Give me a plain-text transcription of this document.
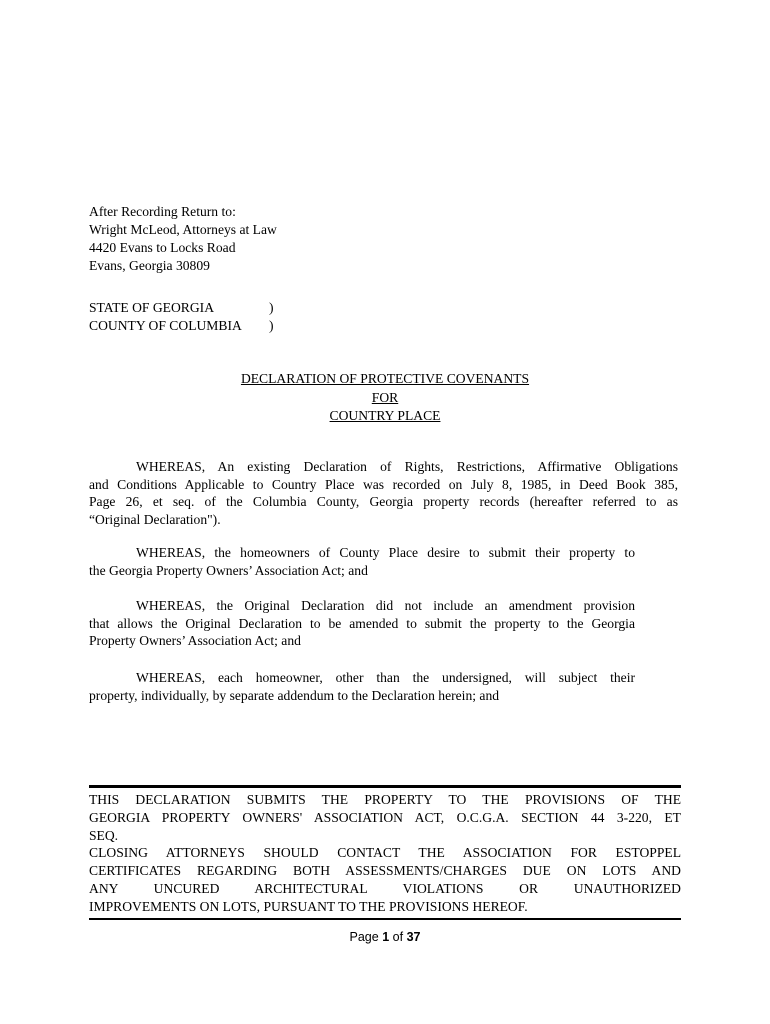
After Recording Return to:
Wright McLeod, Attorneys at Law
4420 Evans to Locks Road
Evans, Georgia 30809
STATE OF GEORGIA	)
COUNTY OF COLUMBIA	)
DECLARATION OF PROTECTIVE COVENANTS
FOR
COUNTRY PLACE
WHEREAS, An existing Declaration of Rights, Restrictions, Affirmative Obligations
and Conditions Applicable to Country Place was recorded on July 8, 1985, in Deed Book 385,
Page 26, et seq. of the Columbia County, Georgia property records (hereafter referred to as
“Original Declaration").
WHEREAS, the homeowners of County Place desire to submit their property to
the Georgia Property Owners’ Association Act; and
WHEREAS, the Original Declaration did not include an amendment provision
that allows the Original Declaration to be amended to submit the property to the Georgia
Property Owners’ Association Act; and
WHEREAS, each homeowner, other than the undersigned, will subject their
property, individually, by separate addendum to the Declaration herein; and
THIS DECLARATION SUBMITS THE PROPERTY TO THE PROVISIONS OF THE
GEORGIA PROPERTY OWNERS' ASSOCIATION ACT, O.C.G.A. SECTION 44 3-220, ET
SEQ.
CLOSING ATTORNEYS SHOULD CONTACT THE ASSOCIATION FOR ESTOPPEL
CERTIFICATES REGARDING BOTH ASSESSMENTS/CHARGES DUE ON LOTS AND
ANY UNCURED ARCHITECTURAL VIOLATIONS OR UNAUTHORIZED
IMPROVEMENTS ON LOTS, PURSUANT TO THE PROVISIONS HEREOF.
Page 1 of 37
